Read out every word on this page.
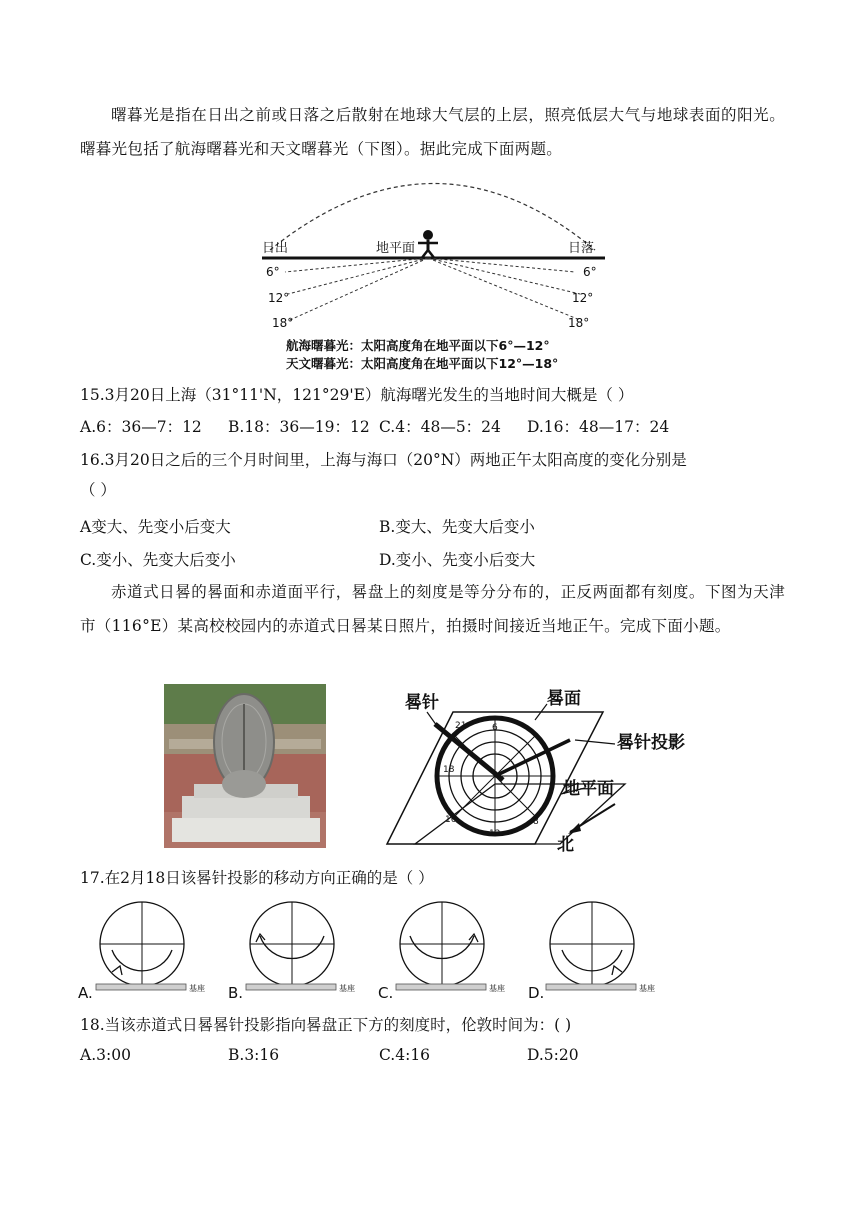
曙暮光是指在日出之前或日落之后散射在地球大气层的上层，照亮低层大气与地球表面的阳光。曙暮光包括了航海曙暮光和天文曙暮光（下图）。据此完成下面两题。
日出	地平面	日落
6°
12°
18°
6°
12°
18°
航海曙暮光：太阳高度角在地平面以下6°—12°
天文曙暮光：太阳高度角在地平面以下12°—18°
15.3月20日上海（31°11'N，121°29'E）航海曙光发生的当地时间大概是（ ）
A.6：36—7：12 B.18：36—19：12 C.4：48—5：24 D.16：48—17：24
16.3月20日之后的三个月时间里，上海与海口（20°N）两地正午太阳高度的变化分别是
（ ）
A变大、先变小后变大	B.变大、先变大后变小
C.变小、先变大后变小	D.变小、先变小后变大
赤道式日晷的晷面和赤道面平行，晷盘上的刻度是等分分布的，正反两面都有刻度。下图为天津市（116°E）某高校校园内的赤道式日晷某日照片，拍摄时间接近当地正午。完成下面小题。
6
12
18
16	8
21
晷针	晷面
晷针投影
地平面
北
17.在2月18日该晷针投影的移动方向正确的是（ ）
A.	B.	C.	D.
基座	基座	基座	基座
18.当该赤道式日晷晷针投影指向晷盘正下方的刻度时，伦敦时间为：( )
A.3:00	B.3:16	C.4:16	D.5:20
